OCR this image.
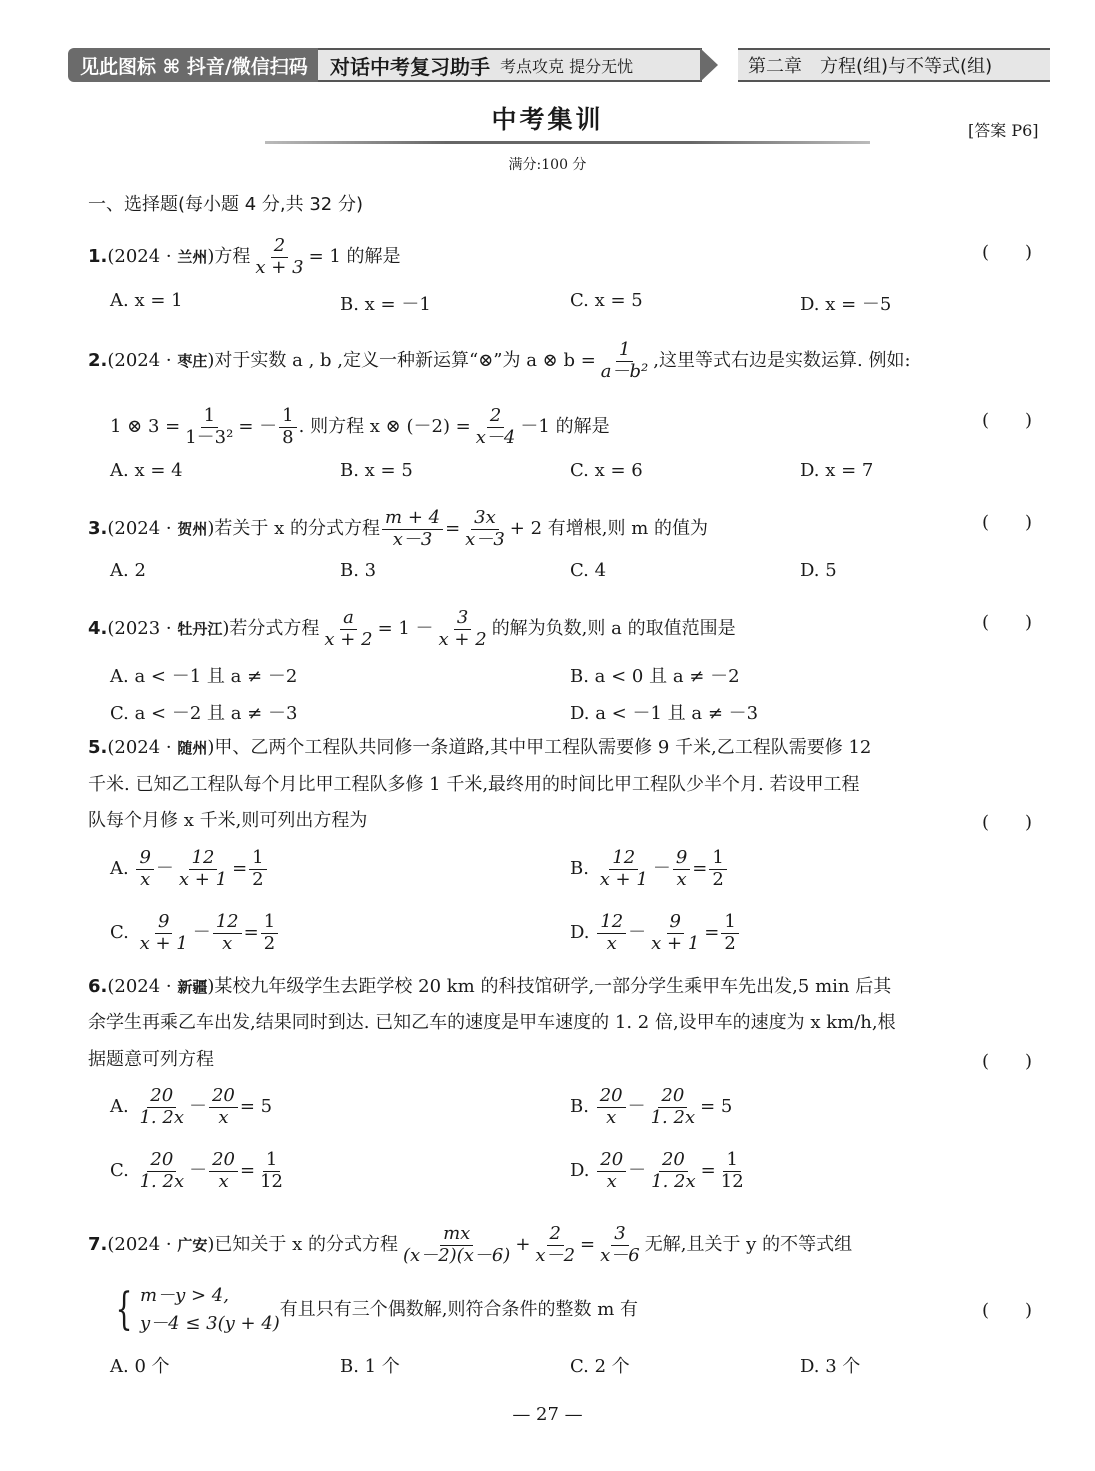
见此图标 ⌘ 抖音/微信扫码 对话中考复习助手 考点攻克 提分无忧	第二章　方程(组)与不等式(组)
中考集训	[答案 P6]
满分:100 分
一、选择题(每小题 4 分,共 32 分)
1.(2024 · 兰州)方程 $\frac{2}{x + 3} = 1$ 的解是	(　　)
A. x = 1	B. x = －1	C. x = 5	D. x = －5
2.(2024 · 枣庄)对于实数 a , b ,定义一种新运算“⊗”为 a ⊗ $b = \frac{1}{\text{a－b²}}$ ,这里等式右边是实数运算. 例如:
1 ⊗ $3 = \frac{1}{\text{1－3²}}$ = － $\frac{1}{8}$ . 则方程 x ⊗ $(-2) = \frac{2}{x-4} -1$ 的解是	(　　)
A. x = 4	B. x = 5	C. x = 6	D. x = 7
3.(2024 · 贺州)若关于 x 的分式方程 $\frac{m + 4}{x-3} = \frac{3x}{x-3} + 2$ 有增根,则 m 的值为	(　　)
A. 2	B. 3	C. 4	D. 5
4.(2023 · 牡丹江)若分式方程 $\frac{a}{x + 2} = 1 - \frac{3}{x + 2}$ 的解为负数,则 a 的取值范围是	(　　)
A. a < －1 且 a ≠ －2	B. a < 0 且 a ≠ －2
C. a < －2 且 a ≠ －3	D. a < －1 且 a ≠ －3
5.(2024 · 随州)甲、乙两个工程队共同修一条道路,其中甲工程队需要修 9 千米,乙工程队需要修 12
千米. 已知乙工程队每个月比甲工程队多修 1 千米,最终用的时间比甲工程队少半个月. 若设甲工程
队每个月修 x 千米,则可列出方程为	(　　)
A. $\frac{9}{x} - \frac{12}{x + 1} = \frac{1}{2}$	B. $\frac{12}{x + 1} - \frac{9}{x} = \frac{1}{2}$
C. $\frac{9}{x + 1} - \frac{12}{x} = \frac{1}{2}$	D. $\frac{12}{x} - \frac{9}{x + 1} = \frac{1}{2}$
6.(2024 · 新疆)某校九年级学生去距学校 20 km 的科技馆研学,一部分学生乘甲车先出发,5 min 后其
余学生再乘乙车出发,结果同时到达. 已知乙车的速度是甲车速度的 1. 2 倍,设甲车的速度为 x km/h,根
据题意可列方程	(　　)
A. $\frac{20}{1. 2x} - \frac{20}{x} = 5$	B. $\frac{20}{x} - \frac{20}{1. 2x} = 5$
C. $\frac{20}{1. 2x} - \frac{20}{x} = \frac{1}{12}$	D. $\frac{20}{x} - \frac{20}{1. 2x} = \frac{1}{12}$
7.(2024 · 广安)已知关于 x 的分式方程 $\frac{mx}{(x-2)(x-6)} + \frac{2}{x-2} = \frac{3}{x-6}$ 无解,且关于 y 的不等式组
{ m－y > 4,
y－4 ≤ 3(y + 4)
有且只有三个偶数解,则符合条件的整数 m 有	(　　)
A. 0 个	B. 1 个	C. 2 个	D. 3 个
— 27 —
